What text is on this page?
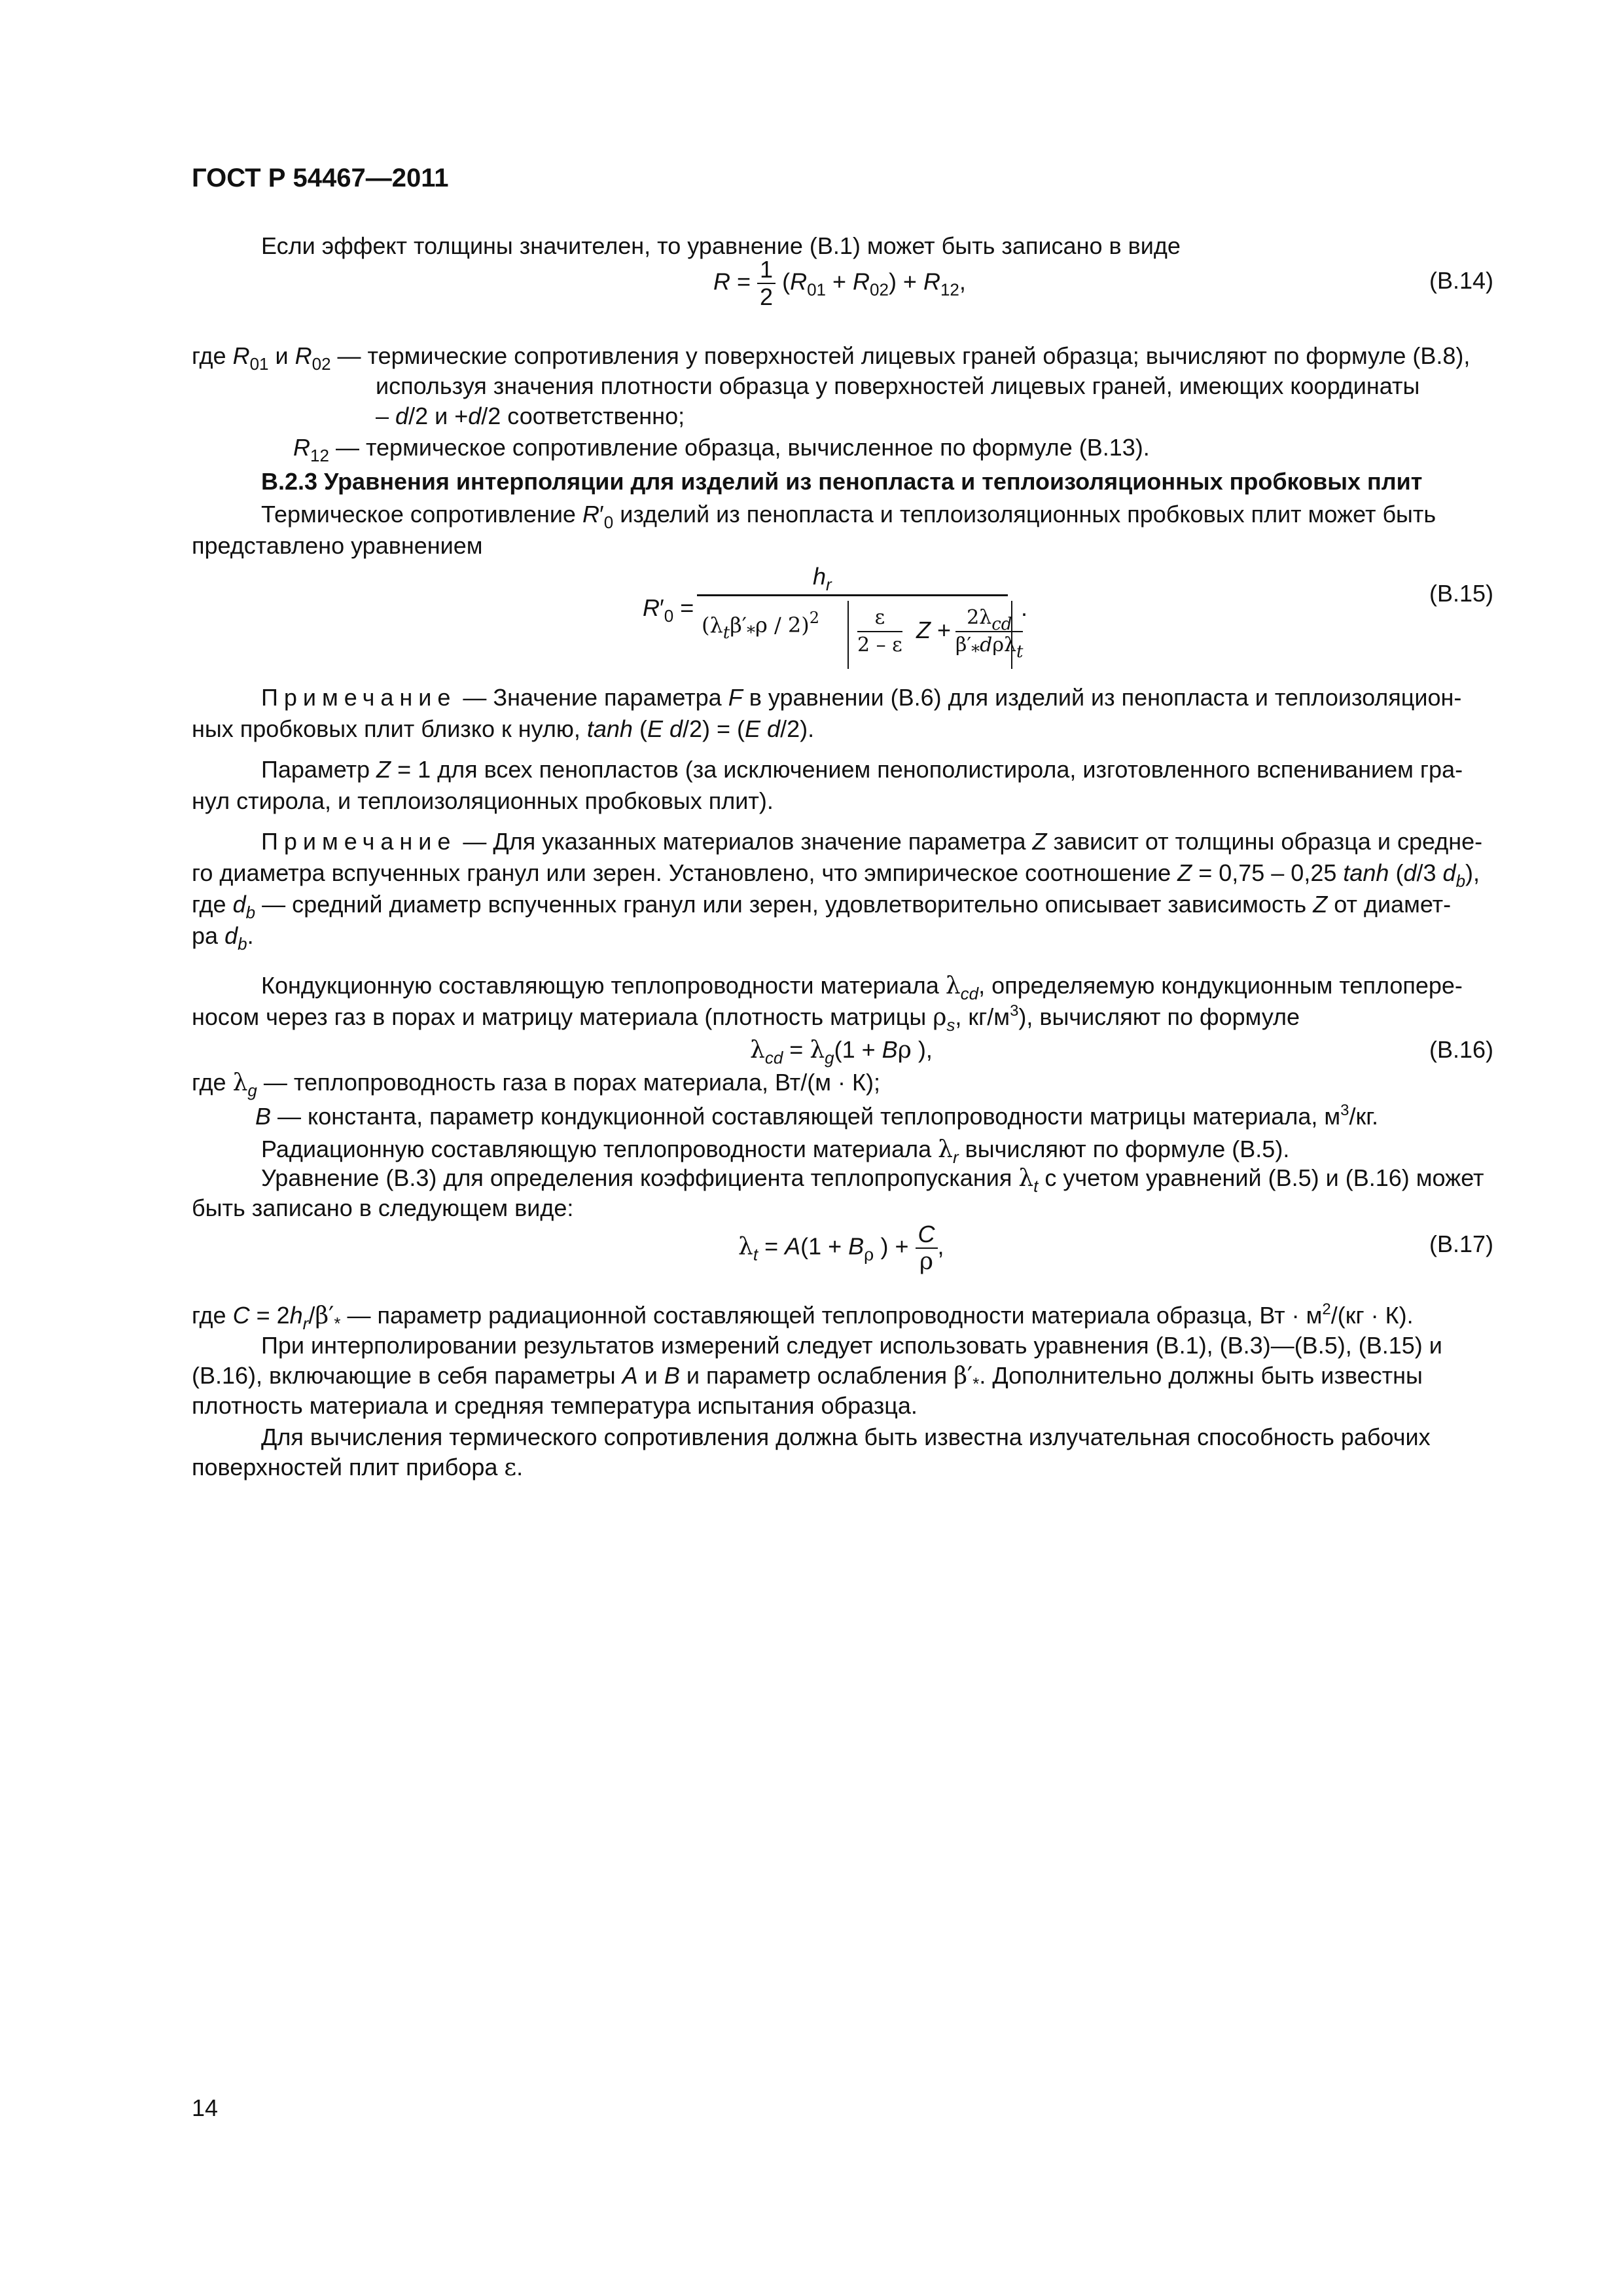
ГОСТ Р 54467—2011
Если эффект толщины значителен, то уравнение (В.1) может быть записано в виде
$R = \frac{1}{2} (R_{01} + R_{02}) + R_{12}$,	(В.14)
где $R_{01}$ и $R_{02}$ — термические сопротивления у поверхностей лицевых граней образца; вычисляют по формуле (В.8),
используя значения плотности образца у поверхностей лицевых граней, имеющих координаты
– d/2 и +d/2 соответственно;
$R_{12}$ — термическое сопротивление образца, вычисленное по формуле (В.13).
В.2.3 Уравнения интерполяции для изделий из пенопласта и теплоизоляционных пробковых плит
Термическое сопротивление $R'_0$ изделий из пенопласта и теплоизоляционных пробковых плит может быть
представлено уравнением
$R'_0$ =
$h_r$
$(\lambda_t\beta'_*\rho / 2)^2 \frac{\varepsilon}{2 - \varepsilon}$ $Z + \frac{2\lambda_{cd}}{\beta'_*d\rho\lambda_t}$
.
(В.15)
Примечание — Значение параметра F в уравнении (В.6) для изделий из пенопласта и теплоизоляцион-
ных пробковых плит близко к нулю, tanh (E d/2) = (E d/2).
Параметр Z = 1 для всех пенопластов (за исключением пенополистирола, изготовленного вспениванием гра-
нул стирола, и теплоизоляционных пробковых плит).
Примечание — Для указанных материалов значение параметра Z зависит от толщины образца и средне-
го диаметра вспученных гранул или зерен. Установлено, что эмпирическое соотношение Z = 0,75 – 0,25 tanh (d/3 $d_b$),
где $d_b$ — средний диаметр вспученных гранул или зерен, удовлетворительно описывает зависимость Z от диамет-
ра $d_b$.
Кондукционную составляющую теплопроводности материала $\lambda_{cd}$, определяемую кондукционным теплопере-
носом через газ в порах и матрицу материала (плотность матрицы $\rho_s$, $кг/м^3$), вычисляют по формуле
$\lambda_{cd} = \lambda_g(1 + B\rho$ ),	(В.16)
где $\lambda_g$ — теплопроводность газа в порах материала, Вт/(м · К);
B — константа, параметр кондукционной составляющей теплопроводности матрицы материала, $м^3/кг$.
Радиационную составляющую теплопроводности материала $\lambda_r$ вычисляют по формуле (В.5).
Уравнение (В.3) для определения коэффициента теплопропускания $\lambda_t$ с учетом уравнений (В.5) и (В.16) может
быть записано в следующем виде:
$\lambda_t = A(1 + B_\rho$ ) + $\frac{C}{\rho}$ ,	(В.17)
где $C = 2h_r/\beta'_*$ — параметр радиационной составляющей теплопроводности материала образца, Вт · $м^2/(кг \cdot К)$.
При интерполировании результатов измерений следует использовать уравнения (В.1), (В.3)—(В.5), (В.15) и
(В.16), включающие в себя параметры A и B и параметр ослабления $\beta'_*$. Дополнительно должны быть известны
плотность материала и средняя температура испытания образца.
Для вычисления термического сопротивления должна быть известна излучательная способность рабочих
поверхностей плит прибора ε.
14
